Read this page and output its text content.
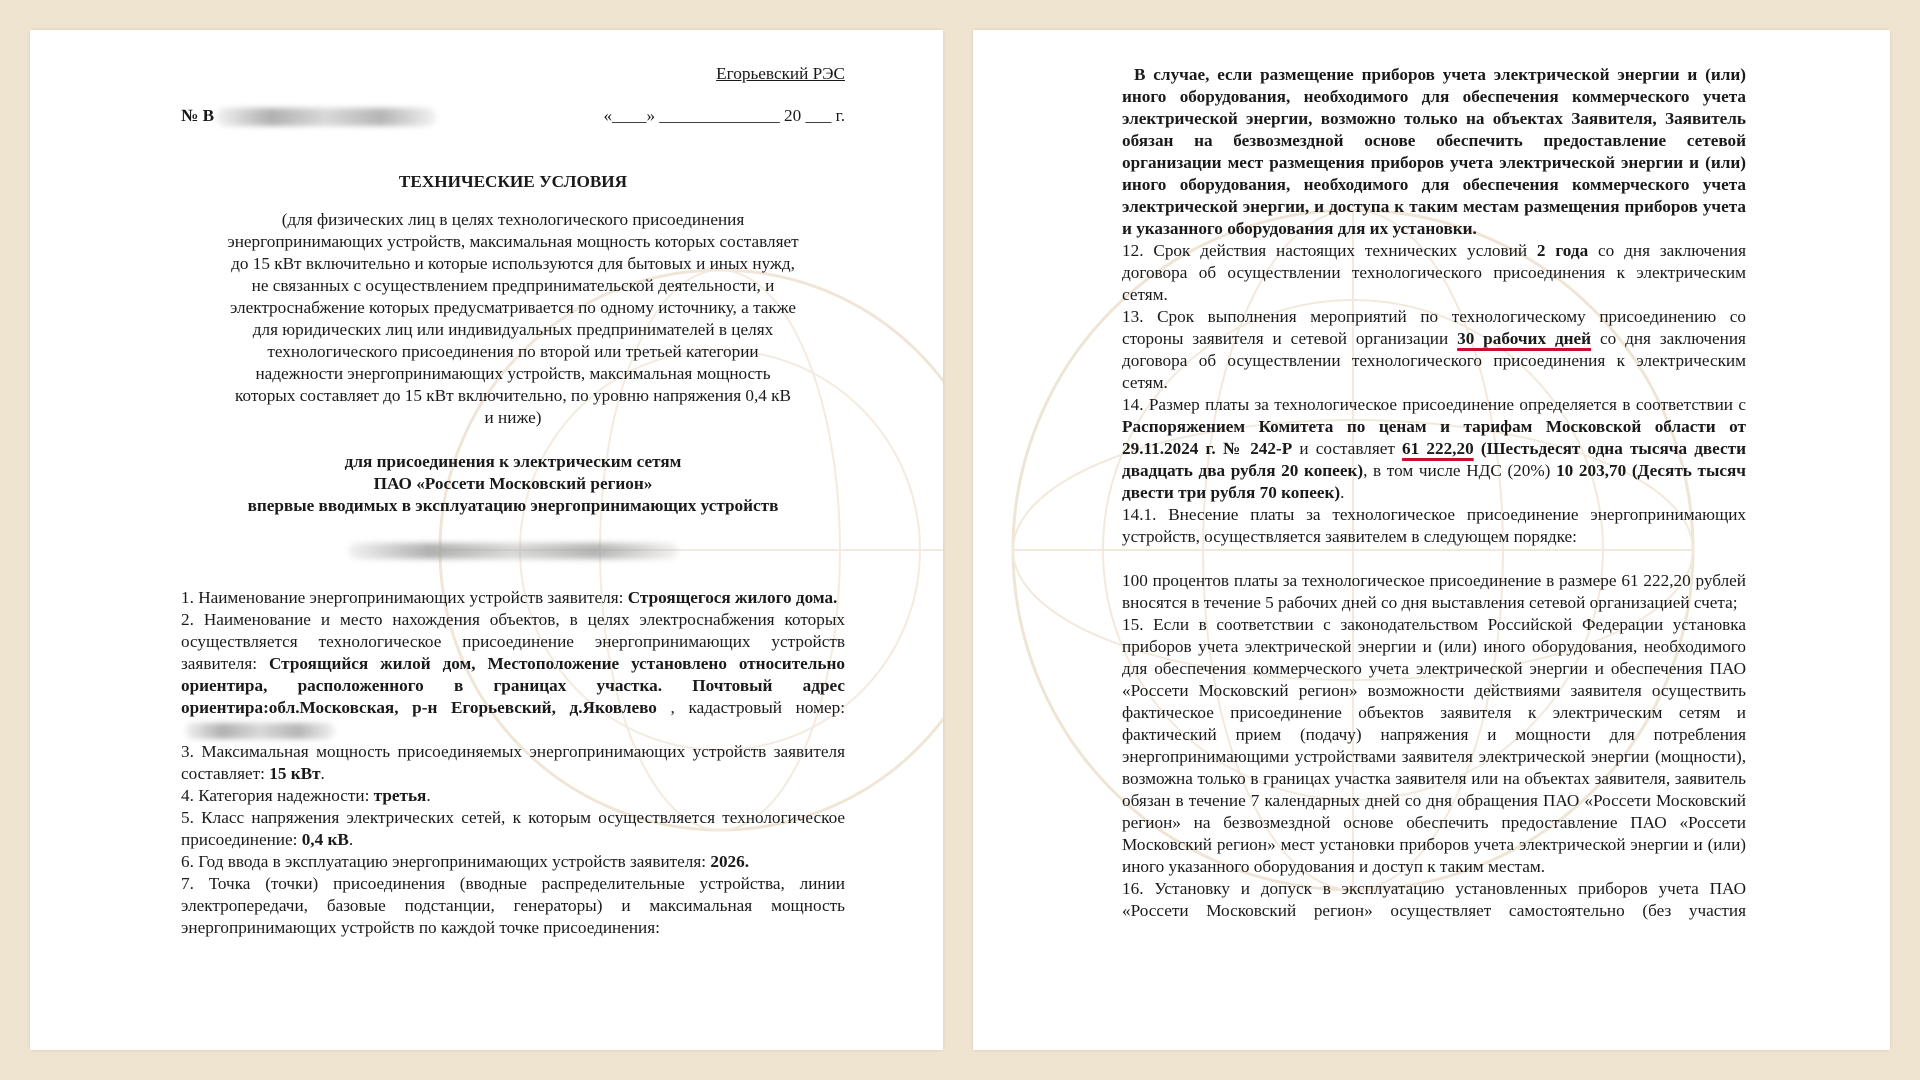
Егорьевский РЭС
№ В	«____» ______________ 20 ___ г.
ТЕХНИЧЕСКИЕ УСЛОВИЯ
(для физических лиц в целях технологического присоединения
энергопринимающих устройств, максимальная мощность которых составляет
до 15 кВт включительно и которые используются для бытовых и иных нужд,
не связанных с осуществлением предпринимательской деятельности, и
электроснабжение которых предусматривается по одному источнику, а также
для юридических лиц или индивидуальных предпринимателей в целях
технологического присоединения по второй или третьей категории
надежности энергопринимающих устройств, максимальная мощность
которых составляет до 15 кВт включительно, по уровню напряжения 0,4 кВ
и ниже)
для присоединения к электрическим сетям
ПАО «Россети Московский регион»
впервые вводимых в эксплуатацию энергопринимающих устройств

1. Наименование энергопринимающих устройств заявителя: Строящегося жилого дома.

2. Наименование и место нахождения объектов, в целях электроснабжения которых осуществляется технологическое присоединение энергопринимающих устройств заявителя: Строящийся жилой дом, Местоположение установлено относительно ориентира, расположенного в границах участка. Почтовый адрес ориентира:обл.Московская, р-н Егорьевский, д.Яковлево , кадастровый номер:

3. Максимальная мощность присоединяемых энергопринимающих устройств заявителя составляет: 15 кВт.

4. Категория надежности: третья.

5. Класс напряжения электрических сетей, к которым осуществляется технологическое присоединение: 0,4 кВ.

6. Год ввода в эксплуатацию энергопринимающих устройств заявителя: 2026.

7. Точка (точки) присоединения (вводные распределительные устройства, линии электропередачи, базовые подстанции, генераторы) и максимальная мощность энергопринимающих устройств по каждой точке присоединения:

В случае, если размещение приборов учета электрической энергии и (или) иного оборудования, необходимого для обеспечения коммерческого учета электрической энергии, возможно только на объектах Заявителя, Заявитель обязан на безвозмездной основе обеспечить предоставление сетевой организации мест размещения приборов учета электрической энергии и (или) иного оборудования, необходимого для обеспечения коммерческого учета электрической энергии, и доступа к таким местам размещения приборов учета и указанного оборудования для их установки.

12. Срок действия настоящих технических условий 2 года со дня заключения договора об осуществлении технологического присоединения к электрическим сетям.

13. Срок выполнения мероприятий по технологическому присоединению со стороны заявителя и сетевой организации 30 рабочих дней со дня заключения договора об осуществлении технологического присоединения к электрическим сетям.

14. Размер платы за технологическое присоединение определяется в соответствии с Распоряжением Комитета по ценам и тарифам Московской области от 29.11.2024 г. № 242-Р и составляет 61 222,20 (Шестьдесят одна тысяча двести двадцать два рубля 20 копеек), в том числе НДС (20%) 10 203,70 (Десять тысяч двести три рубля 70 копеек).

14.1. Внесение платы за технологическое присоединение энергопринимающих устройств, осуществляется заявителем в следующем порядке:

100 процентов платы за технологическое присоединение в размере 61 222,20 рублей вносятся в течение 5 рабочих дней со дня выставления сетевой организацией счета;

15. Если в соответствии с законодательством Российской Федерации установка приборов учета электрической энергии и (или) иного оборудования, необходимого для обеспечения коммерческого учета электрической энергии и обеспечения ПАО «Россети Московский регион» возможности действиями заявителя осуществить фактическое присоединение объектов заявителя к электрическим сетям и фактический прием (подачу) напряжения и мощности для потребления энергопринимающими устройствами заявителя электрической энергии (мощности), возможна только в границах участка заявителя или на объектах заявителя, заявитель обязан в течение 7 календарных дней со дня обращения ПАО «Россети Московский регион» на безвозмездной основе обеспечить предоставление ПАО «Россети Московский регион» мест установки приборов учета электрической энергии и (или) иного указанного оборудования и доступ к таким местам.

16. Установку и допуск в эксплуатацию установленных приборов учета ПАО «Россети Московский регион» осуществляет самостоятельно (без участия
